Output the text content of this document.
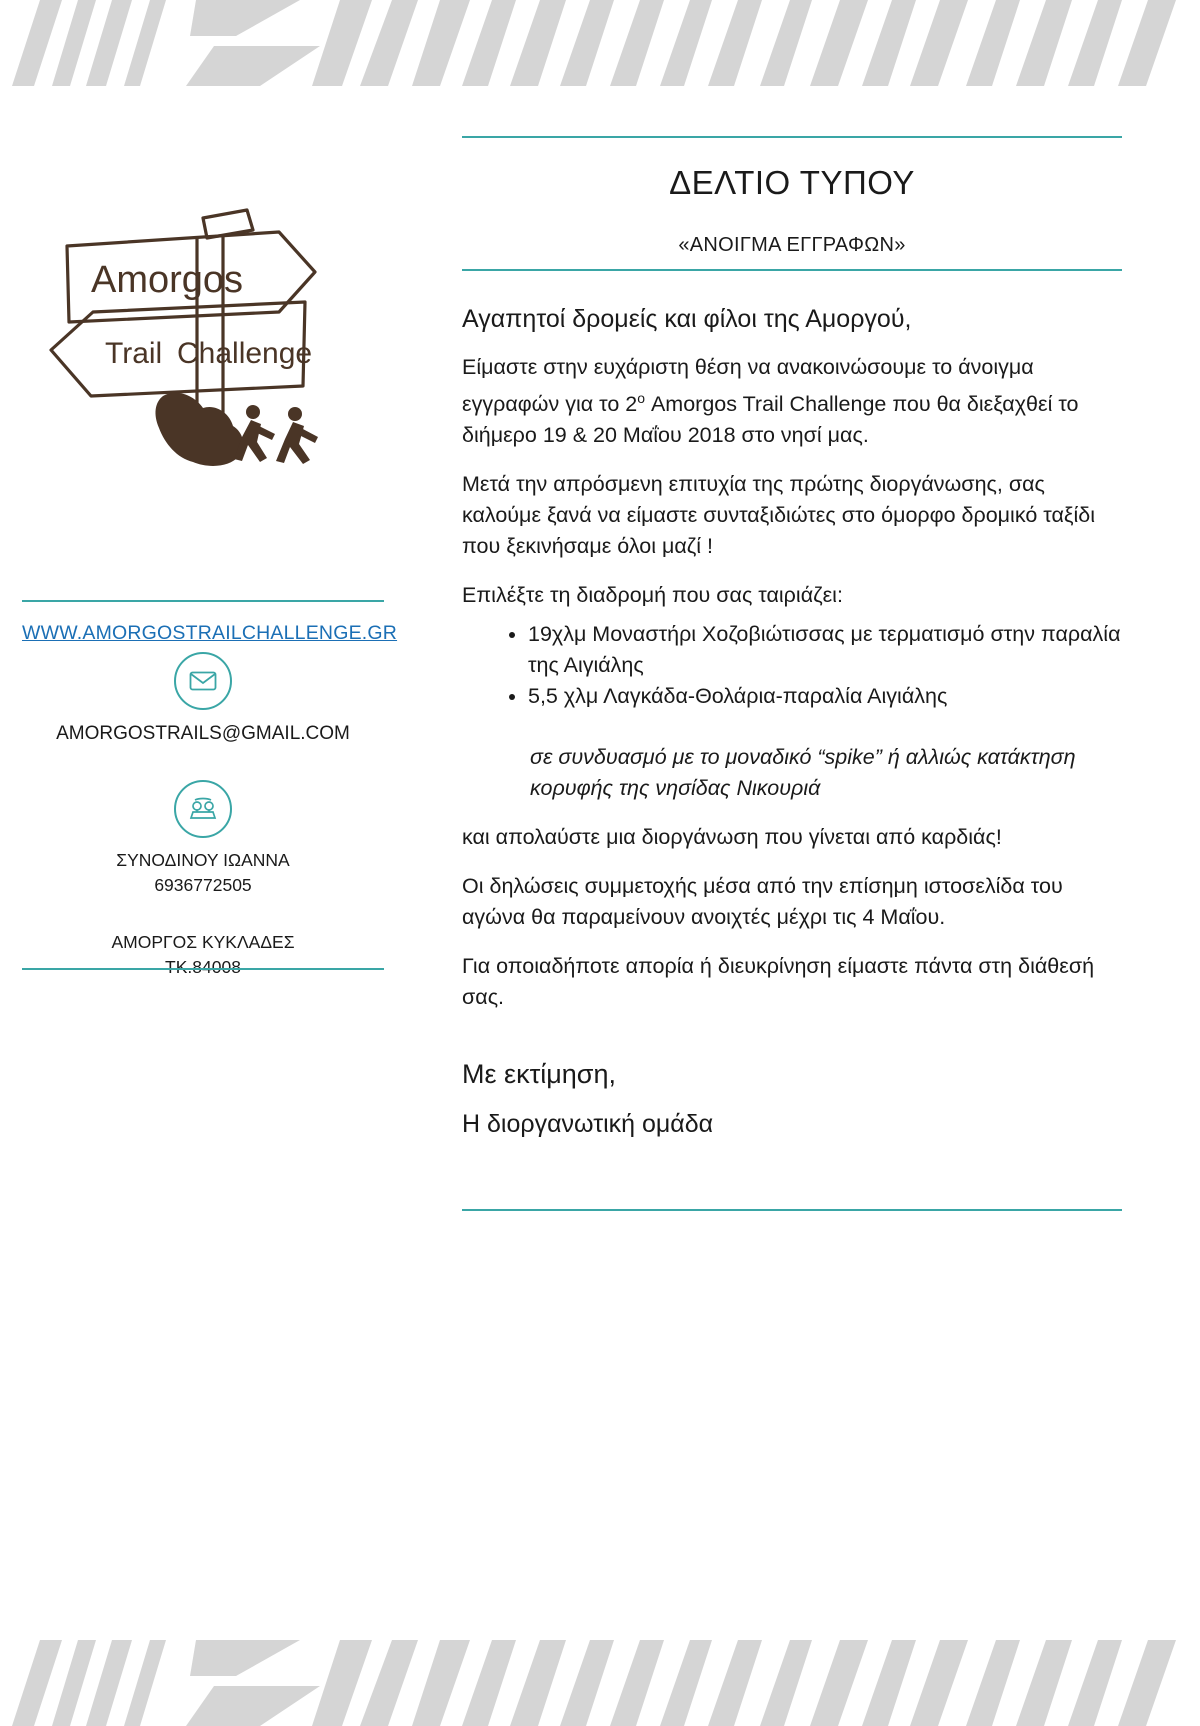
Amorgos
Trail Challenge
WWW.AMORGOSTRAILCHALLENGE.GR
AMORGOSTRAILS@GMAIL.COM
ΣΥΝΟΔΙΝΟΥ ΙΩΑΝΝΑ
6936772505
ΑΜΟΡΓΟΣ ΚΥΚΛΑΔΕΣ
ΤΚ.84008
ΔΕΛΤΙΟ ΤΥΠΟΥ
«ΑΝΟΙΓΜΑ ΕΓΓΡΑΦΩΝ»
Αγαπητοί δρομείς και φίλοι της Αμοργού,

Είμαστε στην ευχάριστη θέση να ανακοινώσουμε το άνοιγμα εγγραφών για το $2^o$ Amorgos Trail Challenge που θα διεξαχθεί το διήμερο 19 & 20 Μαΐου 2018 στο νησί μας.

Μετά την απρόσμενη επιτυχία της πρώτης διοργάνωσης, σας καλούμε ξανά να είμαστε συνταξιδιώτες στο όμορφο δρομικό ταξίδι που ξεκινήσαμε όλοι μαζί !

Επιλέξτε τη διαδρομή που σας ταιριάζει:

• 19χλμ Μοναστήρι Χοζοβιώτισσας με τερματισμό στην παραλία της Αιγιάλης
• 5,5 χλμ Λαγκάδα-Θολάρια-παραλία Αιγιάλης
σε συνδυασμό με το μοναδικό “spike” ή αλλιώς κατάκτηση κορυφής της νησίδας Νικουριά

και απολαύστε μια διοργάνωση που γίνεται από καρδιάς!

Οι δηλώσεις συμμετοχής μέσα από την επίσημη ιστοσελίδα του αγώνα θα παραμείνουν ανοιχτές μέχρι τις 4 Μαΐου.

Για οποιαδήποτε απορία ή διευκρίνηση είμαστε πάντα στη διάθεσή σας.

Με εκτίμηση,
Η διοργανωτική ομάδα
